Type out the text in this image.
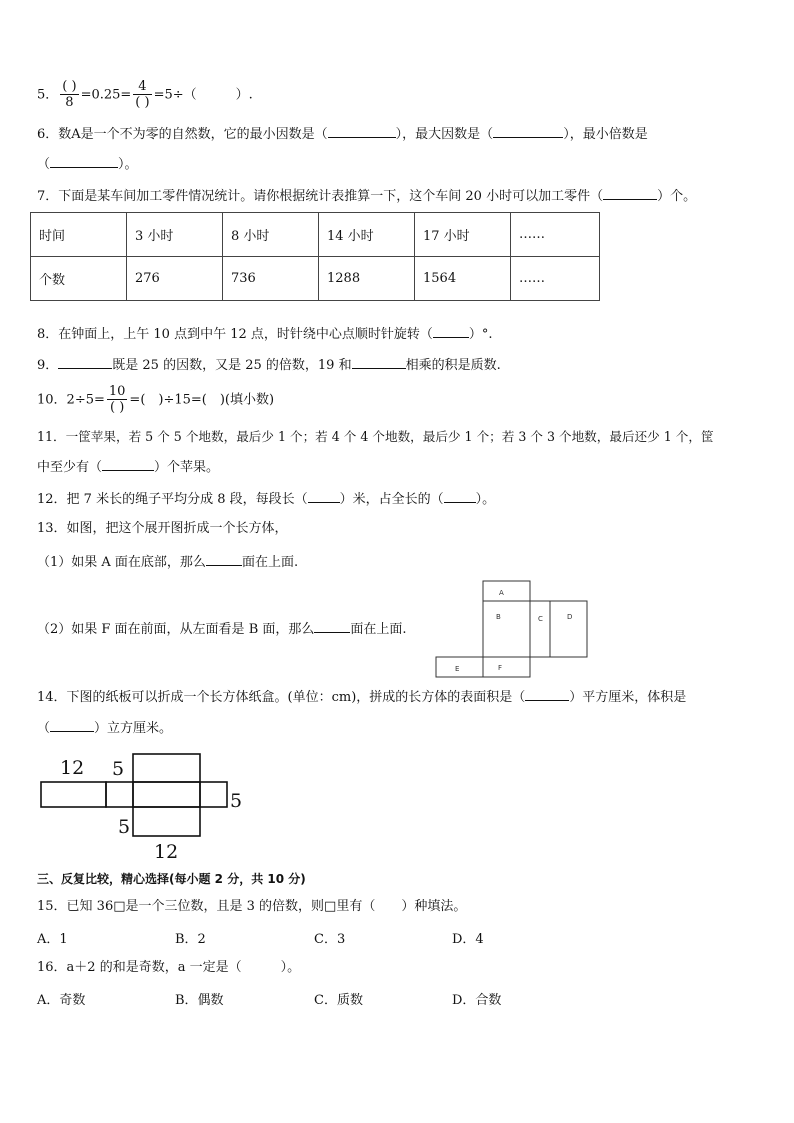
5． $\frac{( )}{8} =0.25= \frac{4}{( )} =5\div$（　　　）.
6．数A是一个不为零的自然数，它的最小因数是（	），最大因数是（	），最小倍数是
（	）。
7．下面是某车间加工零件情况统计。请你根据统计表推算一下，这个车间 20 小时可以加工零件（	）个。
时间	3 小时	8 小时	14 小时	17 小时	……
个数	276	736	1288	1564	……
8．在钟面上，上午 10 点到中午 12 点，时针绕中心点顺时针旋转（	）°.
9．	既是 25 的因数，又是 25 的倍数，19 和	相乘的积是质数.
10．$2\div 5= \frac{10}{( )}$ =(　)÷15=(　)(填小数)
11．一筐苹果，若 5 个 5 个地数，最后少 1 个；若 4 个 4 个地数，最后少 1 个；若 3 个 3 个地数，最后还少 1 个，筐
中至少有（	）个苹果。
12．把 7 米长的绳子平均分成 8 段，每段长（ ）米，占全长的（ ）。
13．如图，把这个展开图折成一个长方体，
（1）如果 A 面在底部，那么	面在上面.
（2）如果 F 面在前面，从左面看是 B 面，那么	面在上面.
A
B	C	D
E	F
14．下图的纸板可以折成一个长方体纸盒。(单位：cm)，拼成的长方体的表面积是（	）平方厘米，体积是
（	）立方厘米。
12 5
5
5
12
三、反复比较，精心选择(每小题 2 分，共 10 分)
15．已知 36□是一个三位数，且是 3 的倍数，则□里有（　　）种填法。
A．1	B．2	C．3	D．4
16．a＋2 的和是奇数，a 一定是（　　　）。
A．奇数	B．偶数	C．质数	D．合数
